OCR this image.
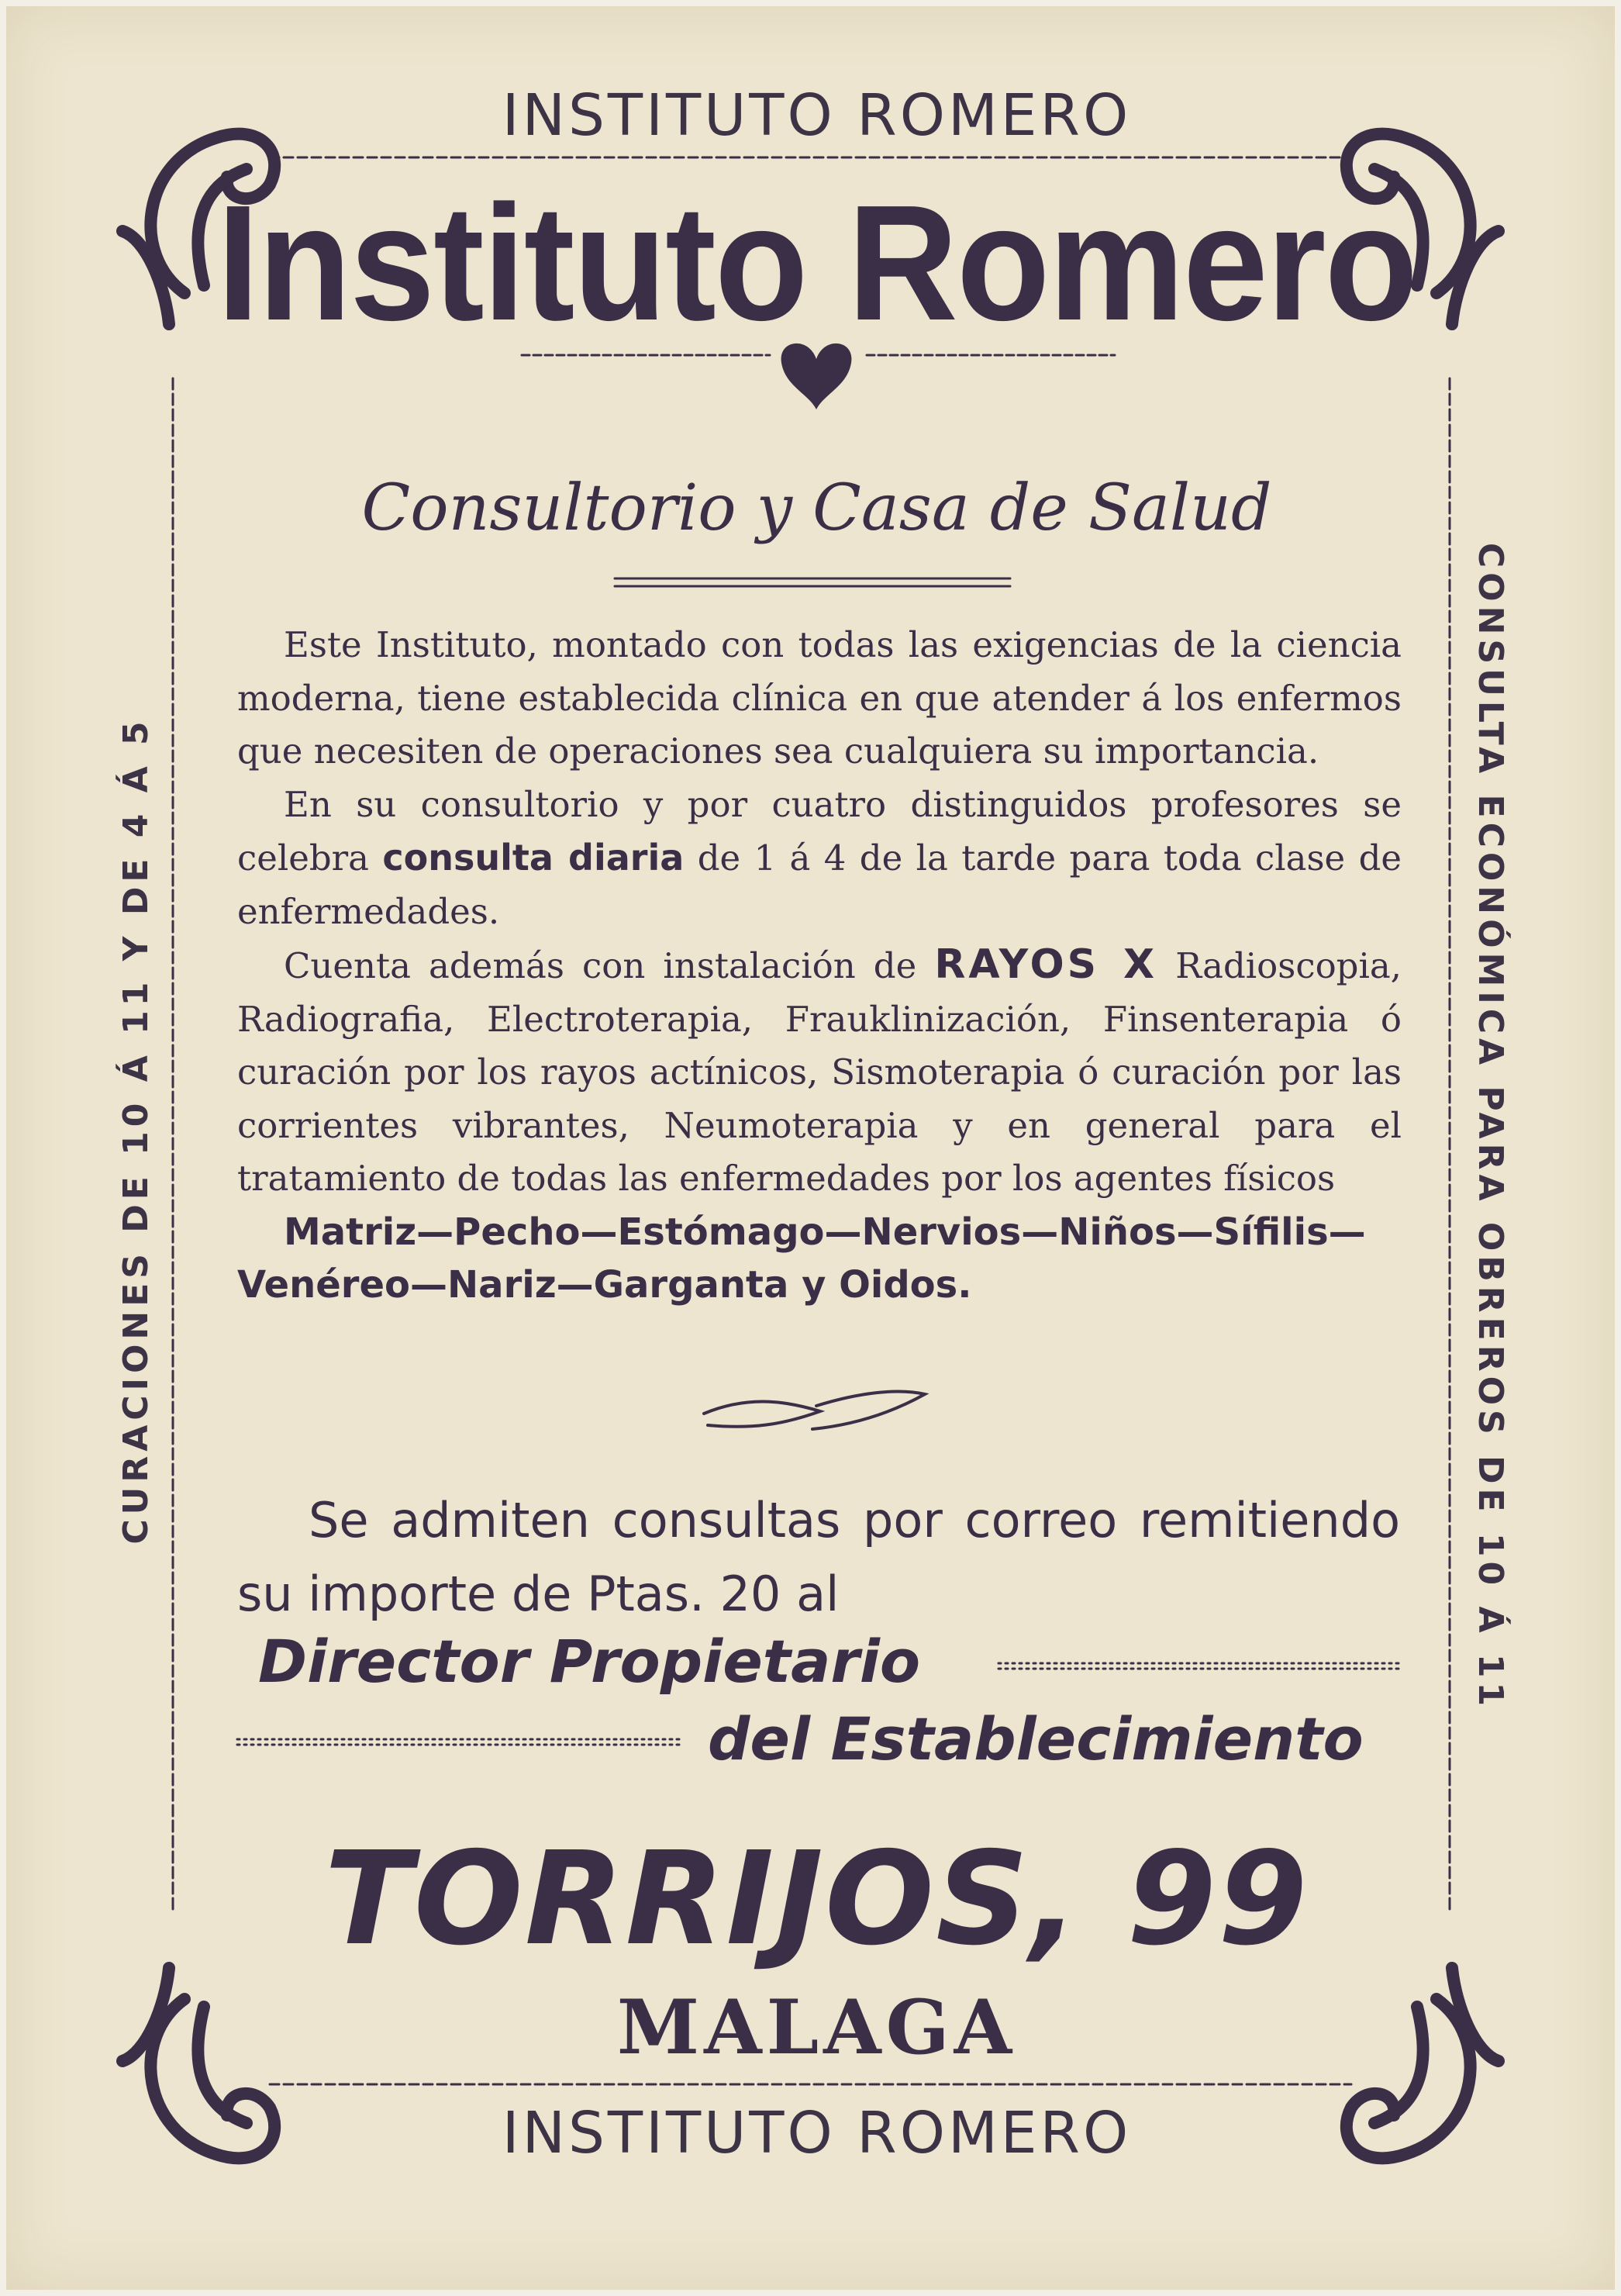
INSTITUTO ROMERO
Instituto Romero
Consultorio y Casa de Salud

Este Instituto, montado con todas las exigencias de la ciencia moderna, tiene establecida clínica en que atender á los enfermos que necesiten de operaciones sea cualquiera su importancia.

En su consultorio y por cuatro distinguidos profesores se celebra consulta diaria de 1 á 4 de la tarde para toda clase de enfermedades.

Cuenta además con instalación de RAYOS X Radioscopia, Radiografia, Electroterapia, Frauklinización, Finsenterapia ó curación por los rayos actínicos, Sismoterapia ó curación por las corrientes vibrantes, Neumoterapia y en general para el tratamiento de todas las enfermedades por los agentes físicos

Matriz—Pecho—Estómago—Nervios—Niños—Sífilis—Venéreo—Nariz—Garganta y Oidos.

Se admiten consultas por correo remitiendo
su importe de Ptas. 20 al
Director Propietario
del Establecimiento
TORRIJOS, 99
MALAGA
INSTITUTO ROMERO
CURACIONES DE 10 Á 11 Y DE 4 Á 5	CONSULTA ECONÓMICA PARA OBREROS DE 10 Á 11
